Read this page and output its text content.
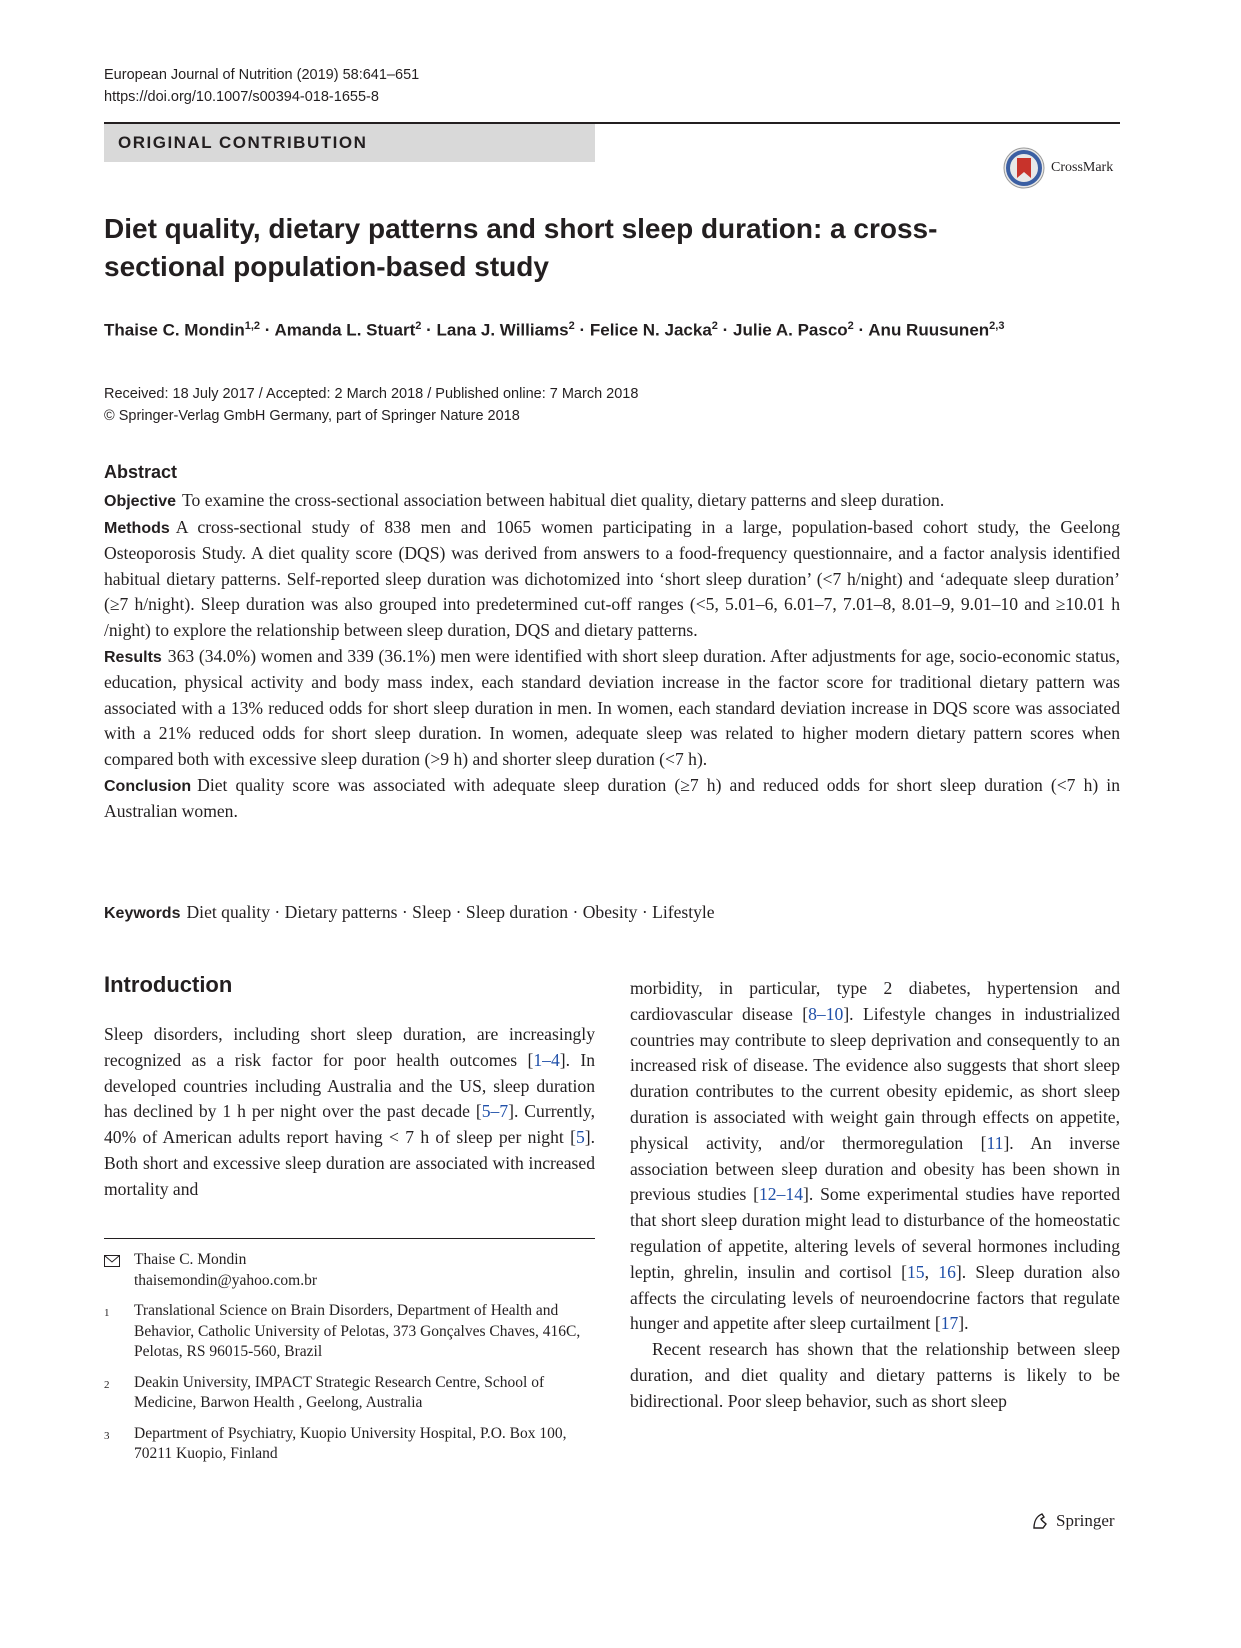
European Journal of Nutrition (2019) 58:641–651
https://doi.org/10.1007/s00394-018-1655-8
ORIGINAL CONTRIBUTION
CrossMark
Diet quality, dietary patterns and short sleep duration: a cross-sectional population-based study
Thaise C. Mondin$^{1,2}$ · Amanda L. Stuart$^2$ · Lana J. Williams$^2$ · Felice N. Jacka$^2$ · Julie A. Pasco$^2$ · Anu Ruusunen$^{2,3}$
Received: 18 July 2017 / Accepted: 2 March 2018 / Published online: 7 March 2018
© Springer-Verlag GmbH Germany, part of Springer Nature 2018
Abstract

Objective To examine the cross-sectional association between habitual diet quality, dietary patterns and sleep duration.

Methods A cross-sectional study of 838 men and 1065 women participating in a large, population-based cohort study, the Geelong Osteoporosis Study. A diet quality score (DQS) was derived from answers to a food-frequency questionnaire, and a factor analysis identified habitual dietary patterns. Self-reported sleep duration was dichotomized into ‘short sleep duration’ (<7 h/night) and ‘adequate sleep duration’ (≥7 h/night). Sleep duration was also grouped into predetermined cut-off ranges (<5, 5.01–6, 6.01–7, 7.01–8, 8.01–9, 9.01–10 and ≥10.01 h /night) to explore the relationship between sleep duration, DQS and dietary patterns.

Results 363 (34.0%) women and 339 (36.1%) men were identified with short sleep duration. After adjustments for age, socio-economic status, education, physical activity and body mass index, each standard deviation increase in the factor score for traditional dietary pattern was associated with a 13% reduced odds for short sleep duration in men. In women, each standard deviation increase in DQS score was associated with a 21% reduced odds for short sleep duration. In women, adequate sleep was related to higher modern dietary pattern scores when compared both with excessive sleep duration (>9 h) and shorter sleep duration (<7 h).

Conclusion Diet quality score was associated with adequate sleep duration (≥7 h) and reduced odds for short sleep duration (<7 h) in Australian women.

Keywords Diet quality · Dietary patterns · Sleep · Sleep duration · Obesity · Lifestyle

Introduction

Sleep disorders, including short sleep duration, are increasingly recognized as a risk factor for poor health outcomes [1–4]. In developed countries including Australia and the US, sleep duration has declined by 1 h per night over the past decade [5–7]. Currently, 40% of American adults report having < 7 h of sleep per night [5]. Both short and excessive sleep duration are associated with increased mortality and

Thaise C. Mondin
thaisemondin@yahoo.com.br
1	Translational Science on Brain Disorders, Department of Health and Behavior, Catholic University of Pelotas, 373 Gonçalves Chaves, 416C, Pelotas, RS 96015-560, Brazil
2	Deakin University, IMPACT Strategic Research Centre, School of Medicine, Barwon Health , Geelong, Australia
3	Department of Psychiatry, Kuopio University Hospital, P.O. Box 100, 70211 Kuopio, Finland

morbidity, in particular, type 2 diabetes, hypertension and cardiovascular disease [8–10]. Lifestyle changes in industrialized countries may contribute to sleep deprivation and consequently to an increased risk of disease. The evidence also suggests that short sleep duration contributes to the current obesity epidemic, as short sleep duration is associated with weight gain through effects on appetite, physical activity, and/or thermoregulation [11]. An inverse association between sleep duration and obesity has been shown in previous studies [12–14]. Some experimental studies have reported that short sleep duration might lead to disturbance of the homeostatic regulation of appetite, altering levels of several hormones including leptin, ghrelin, insulin and cortisol [15, 16]. Sleep duration also affects the circulating levels of neuroendocrine factors that regulate hunger and appetite after sleep curtailment [17].

Recent research has shown that the relationship between sleep duration, and diet quality and dietary patterns is likely to be bidirectional. Poor sleep behavior, such as short sleep

Springer
